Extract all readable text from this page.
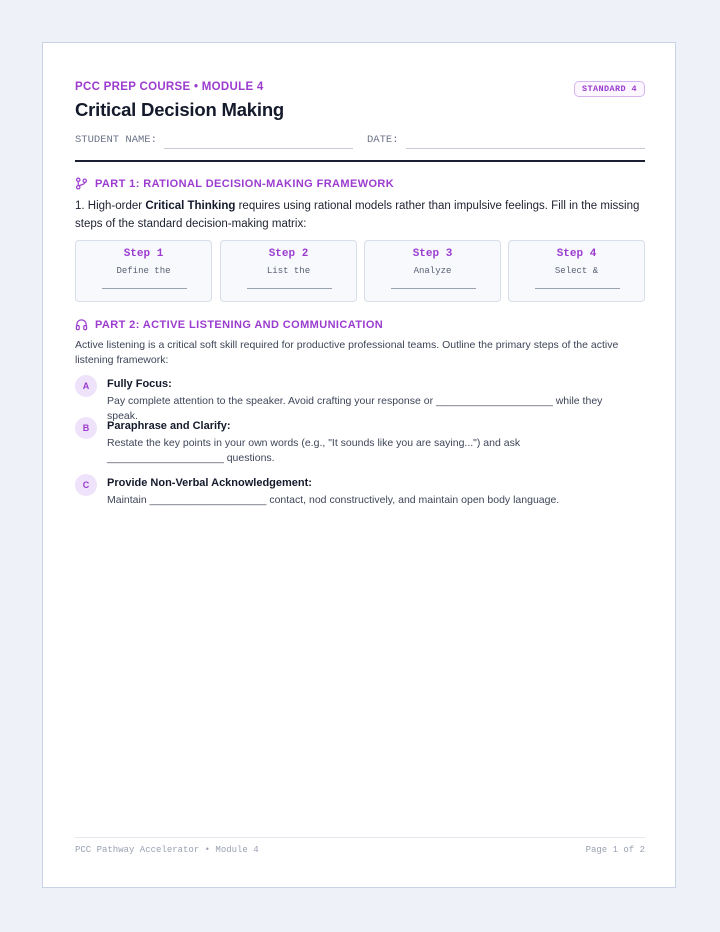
PCC PREP COURSE • MODULE 4	STANDARD 4
Critical Decision Making
STUDENT NAME:	DATE:
PART 1: RATIONAL DECISION-MAKING FRAMEWORK
1. High-order Critical Thinking requires using rational models rather than impulsive feelings. Fill in the missing steps of the standard decision-making matrix:
Step 1
Define the
Step 2
List the
Step 3
Analyze
Step 4
Select &
PART 2: ACTIVE LISTENING AND COMMUNICATION
Active listening is a critical soft skill required for productive professional teams. Outline the primary steps of the active listening framework:
A	Fully Focus:
Pay complete attention to the speaker. Avoid crafting your response or ____________________ while they speak.
B	Paraphrase and Clarify:
Restate the key points in your own words (e.g., "It sounds like you are saying...") and ask ____________________ questions.
C	Provide Non-Verbal Acknowledgement:
Maintain ____________________ contact, nod constructively, and maintain open body language.
PCC Pathway Accelerator • Module 4	Page 1 of 2
